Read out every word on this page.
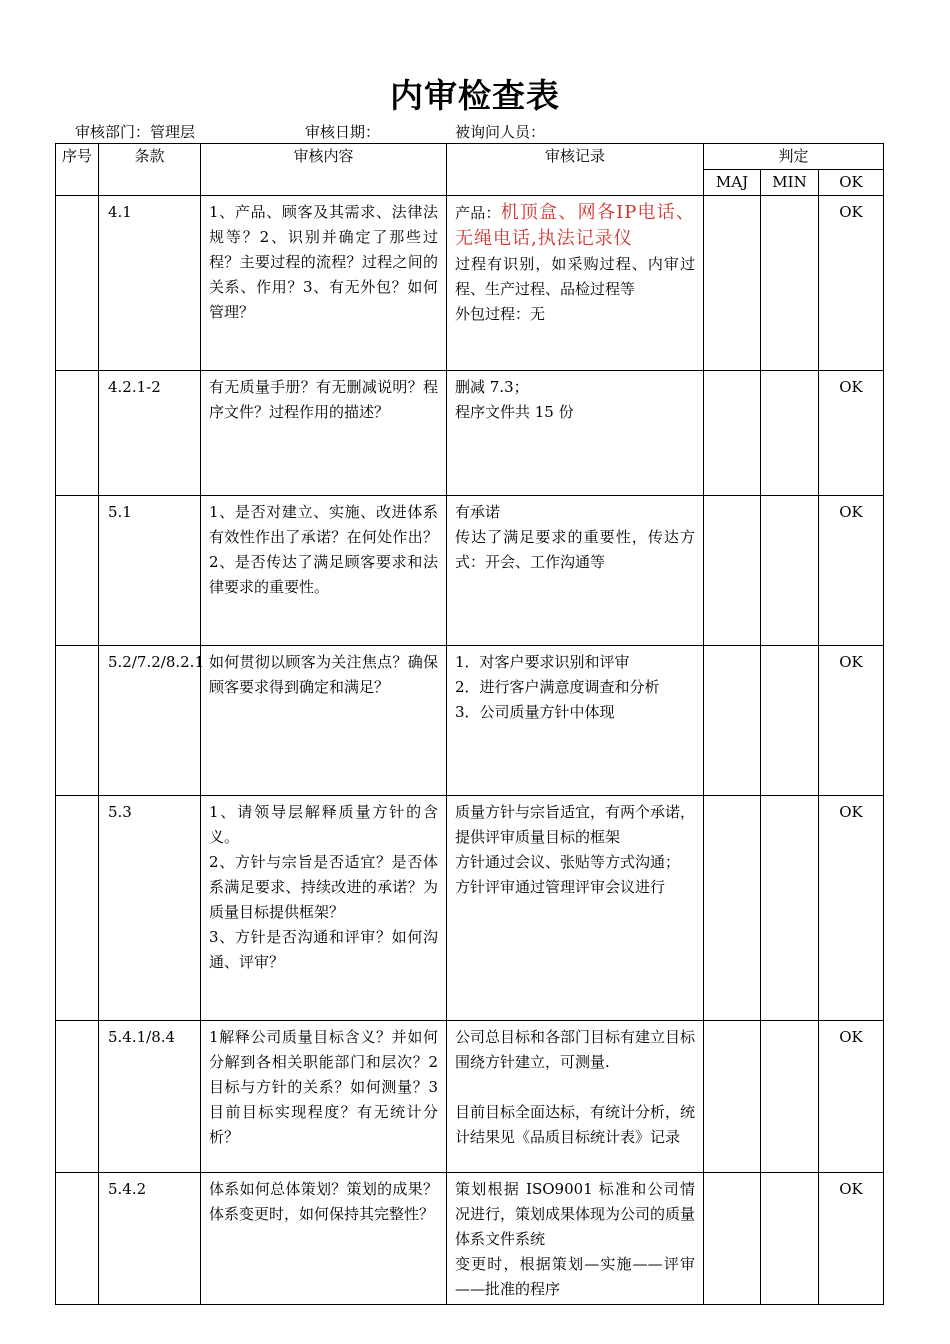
内审检查表
审核部门：管理层	审核日期：	被询问人员：
序号	条款	审核内容	审核记录	判定		
				MAJ	MIN	OK
	4.1	1、产品、顾客及其需求、法律法规等？2、识别并确定了那些过程？主要过程的流程？过程之间的关系、作用？3、有无外包？如何管理？	产品：机顶盒、网各IP电话、无绳电话,执法记录仪
过程有识别，如采购过程、内审过程、生产过程、品检过程等
外包过程：无			OK
	4.2.1-2	有无质量手册？有无删减说明？程序文件？过程作用的描述？	删减 7.3；
程序文件共 15 份			OK
	5.1	1、是否对建立、实施、改进体系有效性作出了承诺？在何处作出？2、是否传达了满足顾客要求和法律要求的重要性。	有承诺
传达了满足要求的重要性，传达方式：开会、工作沟通等			OK
	5.2/7.2/8.2.1	如何贯彻以顾客为关注焦点？确保顾客要求得到确定和满足？	1．对客户要求识别和评审
2．进行客户满意度调查和分析
3．公司质量方针中体现			OK
	5.3	1、请领导层解释质量方针的含义。
2、方针与宗旨是否适宜？是否体系满足要求、持续改进的承诺？为质量目标提供框架？
3、方针是否沟通和评审？如何沟通、评审？	质量方针与宗旨适宜，有两个承诺，提供评审质量目标的框架
方针通过会议、张贴等方式沟通；
方针评审通过管理评审会议进行			OK
	5.4.1/8.4	1解释公司质量目标含义？并如何分解到各相关职能部门和层次？2目标与方针的关系？如何测量？3目前目标实现程度？有无统计分析？	公司总目标和各部门目标有建立目标围绕方针建立，可测量.
目前目标全面达标，有统计分析，统计结果见《品质目标统计表》记录			OK
	5.4.2	体系如何总体策划？策划的成果？体系变更时，如何保持其完整性？	策划根据 ISO9001 标准和公司情况进行，策划成果体现为公司的质量体系文件系统
变更时，根据策划—实施——评审——批准的程序			OK
